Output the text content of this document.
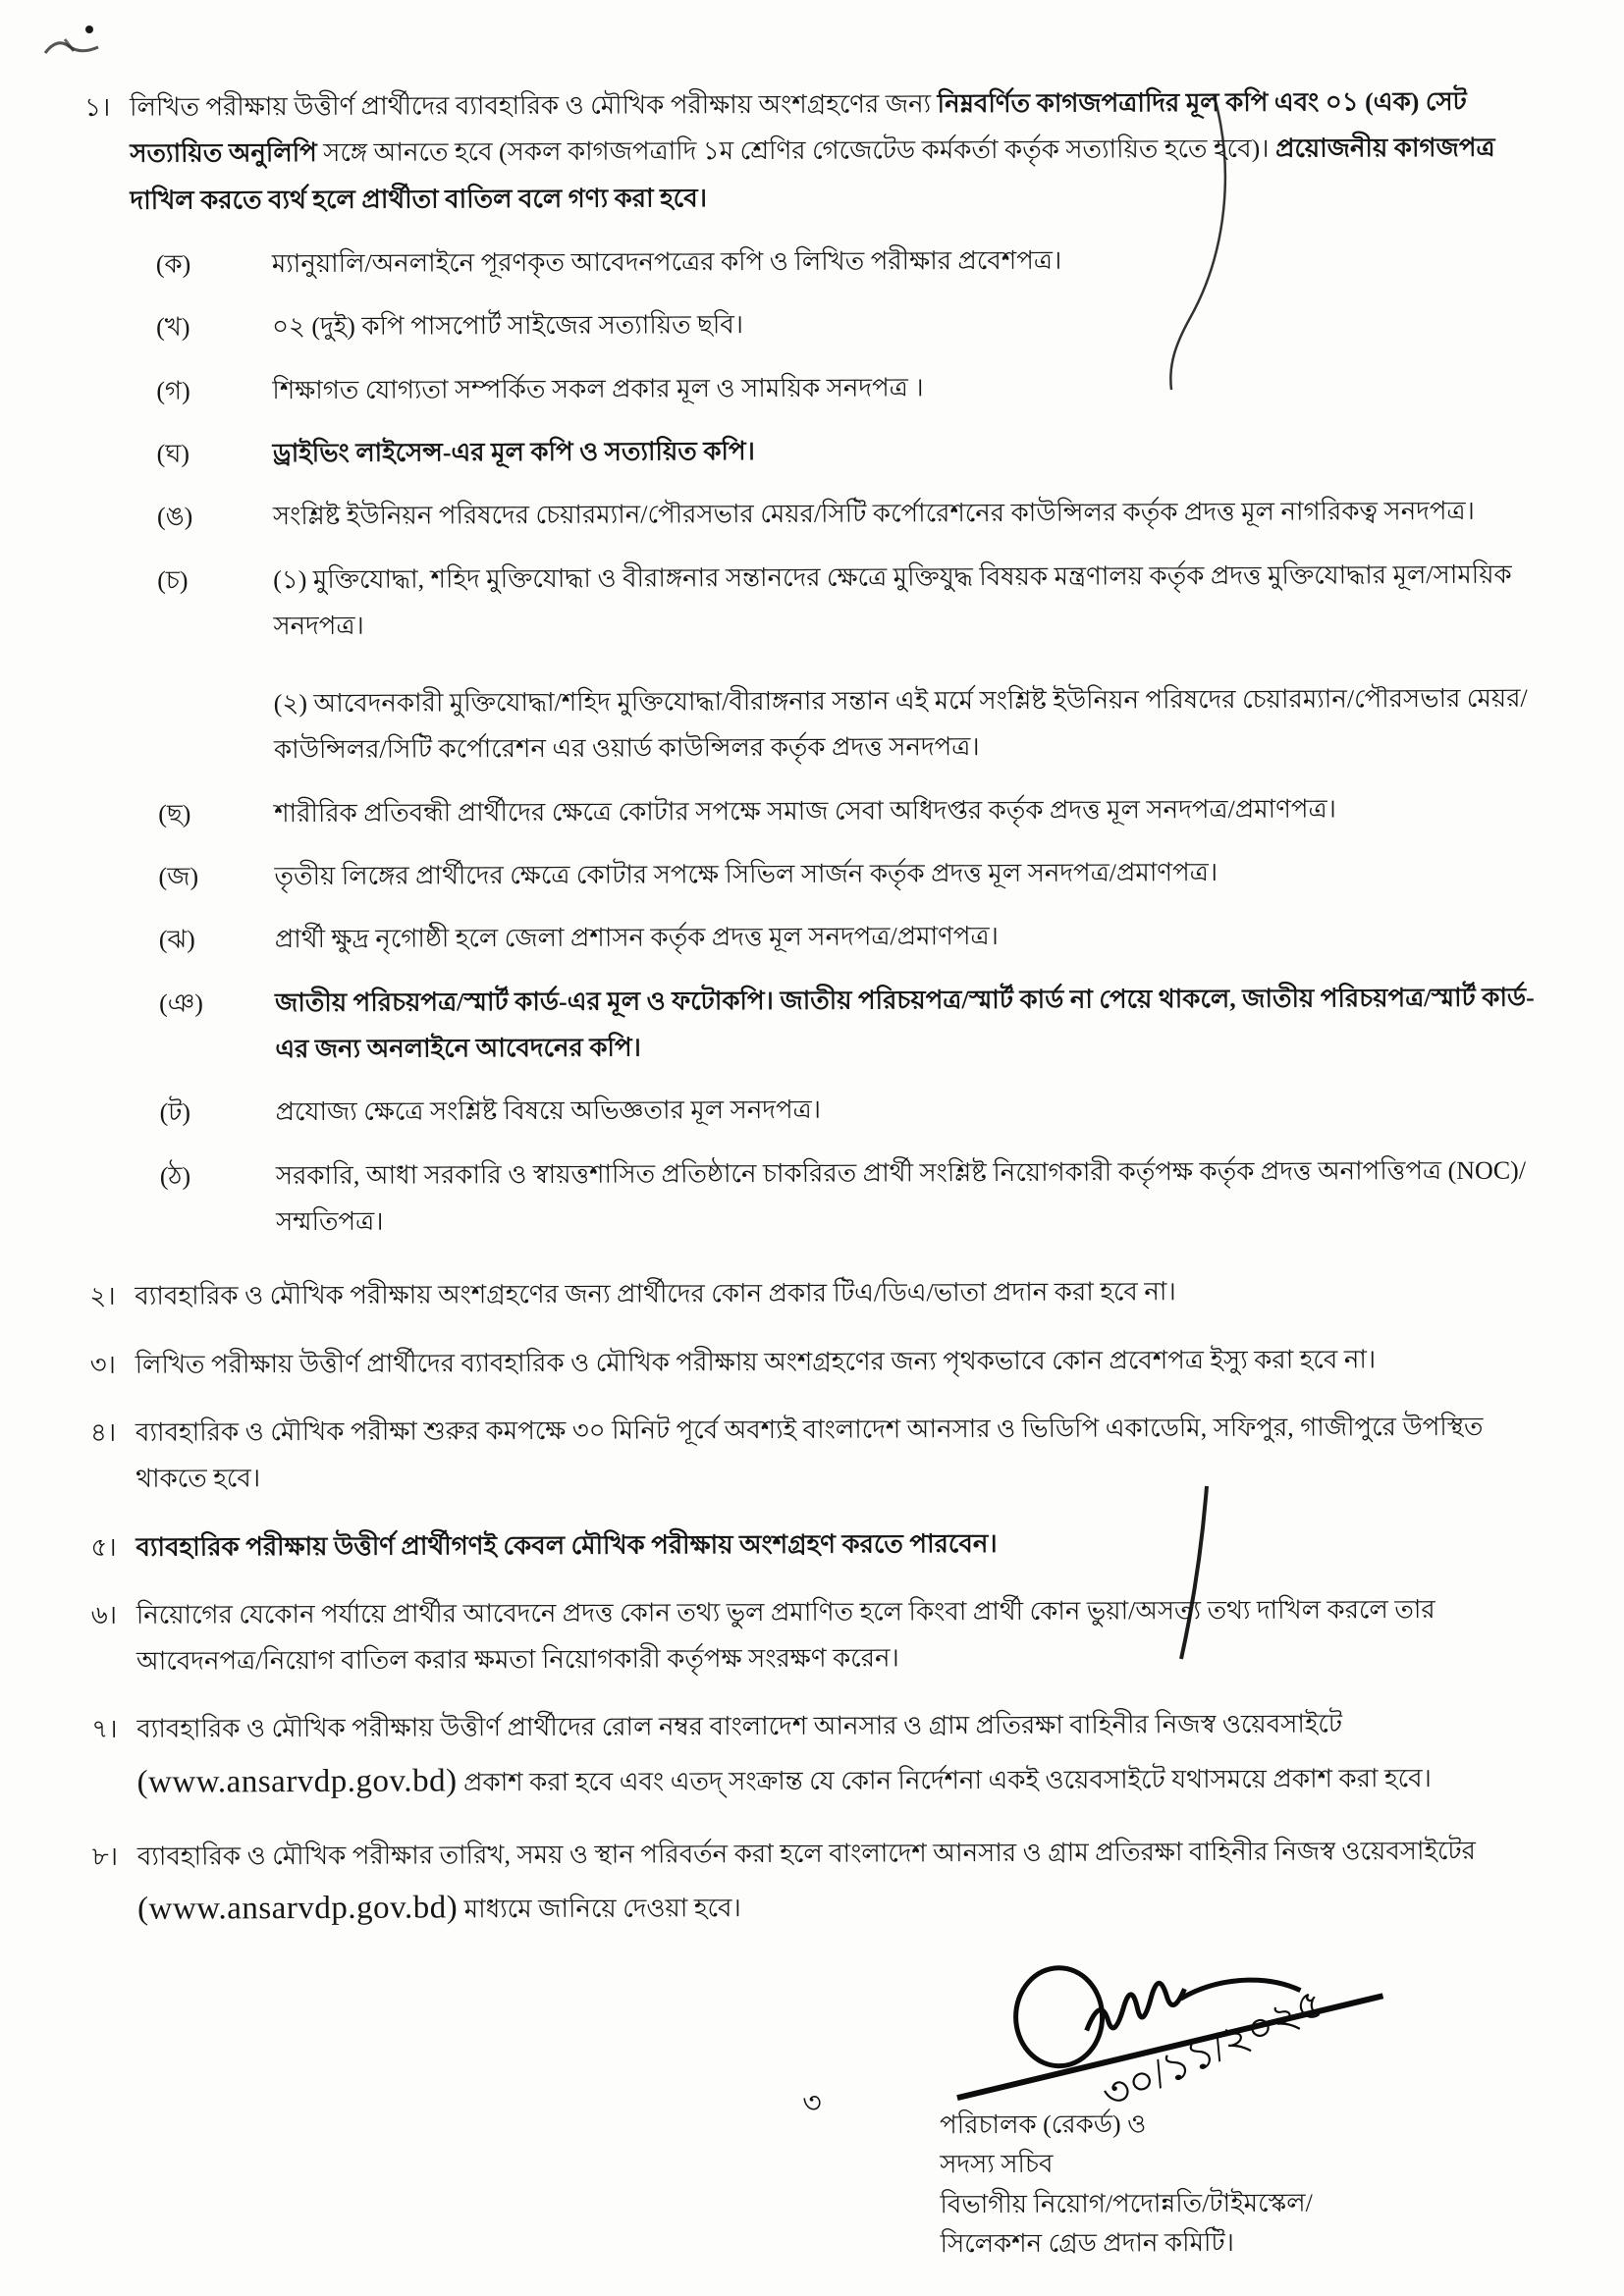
১। লিখিত পরীক্ষায় উত্তীর্ণ প্রার্থীদের ব্যাবহারিক ও মৌখিক পরীক্ষায় অংশগ্রহণের জন্য নিম্নবর্ণিত কাগজপত্রাদির মূল কপি এবং ০১ (এক) সেট সত্যায়িত অনুলিপি সঙ্গে আনতে হবে (সকল কাগজপত্রাদি ১ম শ্রেণির গেজেটেড কর্মকর্তা কর্তৃক সত্যায়িত হতে হবে)। প্রয়োজনীয় কাগজপত্র দাখিল করতে ব্যর্থ হলে প্রার্থীতা বাতিল বলে গণ্য করা হবে।
(ক)	ম্যানুয়ালি/অনলাইনে পূরণকৃত আবেদনপত্রের কপি ও লিখিত পরীক্ষার প্রবেশপত্র।
(খ)	০২ (দুই) কপি পাসপোর্ট সাইজের সত্যায়িত ছবি।
(গ)	শিক্ষাগত যোগ্যতা সম্পর্কিত সকল প্রকার মূল ও সাময়িক সনদপত্র ।
(ঘ)	ড্রাইভিং লাইসেন্স-এর মূল কপি ও সত্যায়িত কপি।
(ঙ)	সংশ্লিষ্ট ইউনিয়ন পরিষদের চেয়ারম্যান/পৌরসভার মেয়র/সিটি কর্পোরেশনের কাউন্সিলর কর্তৃক প্রদত্ত মূল নাগরিকত্ব সনদপত্র।
(চ)	(১) মুক্তিযোদ্ধা, শহিদ মুক্তিযোদ্ধা ও বীরাঙ্গনার সন্তানদের ক্ষেত্রে মুক্তিযুদ্ধ বিষয়ক মন্ত্রণালয় কর্তৃক প্রদত্ত মুক্তিযোদ্ধার মূল/সাময়িক সনদপত্র।
(২) আবেদনকারী মুক্তিযোদ্ধা/শহিদ মুক্তিযোদ্ধা/বীরাঙ্গনার সন্তান এই মর্মে সংশ্লিষ্ট ইউনিয়ন পরিষদের চেয়ারম্যান/পৌরসভার মেয়র/কাউন্সিলর/সিটি কর্পোরেশন এর ওয়ার্ড কাউন্সিলর কর্তৃক প্রদত্ত সনদপত্র।
(ছ)	শারীরিক প্রতিবন্ধী প্রার্থীদের ক্ষেত্রে কোটার সপক্ষে সমাজ সেবা অধিদপ্তর কর্তৃক প্রদত্ত মূল সনদপত্র/প্রমাণপত্র।
(জ)	তৃতীয় লিঙ্গের প্রার্থীদের ক্ষেত্রে কোটার সপক্ষে সিভিল সার্জন কর্তৃক প্রদত্ত মূল সনদপত্র/প্রমাণপত্র।
(ঝ)	প্রার্থী ক্ষুদ্র নৃগোষ্ঠী হলে জেলা প্রশাসন কর্তৃক প্রদত্ত মূল সনদপত্র/প্রমাণপত্র।
(ঞ)	জাতীয় পরিচয়পত্র/স্মার্ট কার্ড-এর মূল ও ফটোকপি। জাতীয় পরিচয়পত্র/স্মার্ট কার্ড না পেয়ে থাকলে, জাতীয় পরিচয়পত্র/স্মার্ট কার্ড-এর জন্য অনলাইনে আবেদনের কপি।
(ট)	প্রযোজ্য ক্ষেত্রে সংশ্লিষ্ট বিষয়ে অভিজ্ঞতার মূল সনদপত্র।
(ঠ)	সরকারি, আধা সরকারি ও স্বায়ত্তশাসিত প্রতিষ্ঠানে চাকরিরত প্রার্থী সংশ্লিষ্ট নিয়োগকারী কর্তৃপক্ষ কর্তৃক প্রদত্ত অনাপত্তিপত্র (NOC)/সম্মতিপত্র।
২। ব্যাবহারিক ও মৌখিক পরীক্ষায় অংশগ্রহণের জন্য প্রার্থীদের কোন প্রকার টিএ/ডিএ/ভাতা প্রদান করা হবে না।
৩। লিখিত পরীক্ষায় উত্তীর্ণ প্রার্থীদের ব্যাবহারিক ও মৌখিক পরীক্ষায় অংশগ্রহণের জন্য পৃথকভাবে কোন প্রবেশপত্র ইস্যু করা হবে না।
৪। ব্যাবহারিক ও মৌখিক পরীক্ষা শুরুর কমপক্ষে ৩০ মিনিট পূর্বে অবশ্যই বাংলাদেশ আনসার ও ভিডিপি একাডেমি, সফিপুর, গাজীপুরে উপস্থিত থাকতে হবে।
৫। ব্যাবহারিক পরীক্ষায় উত্তীর্ণ প্রার্থীগণই কেবল মৌখিক পরীক্ষায় অংশগ্রহণ করতে পারবেন।
৬। নিয়োগের যেকোন পর্যায়ে প্রার্থীর আবেদনে প্রদত্ত কোন তথ্য ভুল প্রমাণিত হলে কিংবা প্রার্থী কোন ভুয়া/অসত্য তথ্য দাখিল করলে তার আবেদনপত্র/নিয়োগ বাতিল করার ক্ষমতা নিয়োগকারী কর্তৃপক্ষ সংরক্ষণ করেন।
৭। ব্যাবহারিক ও মৌখিক পরীক্ষায় উত্তীর্ণ প্রার্থীদের রোল নম্বর বাংলাদেশ আনসার ও গ্রাম প্রতিরক্ষা বাহিনীর নিজস্ব ওয়েবসাইটে (www.ansarvdp.gov.bd) প্রকাশ করা হবে এবং এতদ্ সংক্রান্ত যে কোন নির্দেশনা একই ওয়েবসাইটে যথাসময়ে প্রকাশ করা হবে।
৮। ব্যাবহারিক ও মৌখিক পরীক্ষার তারিখ, সময় ও স্থান পরিবর্তন করা হলে বাংলাদেশ আনসার ও গ্রাম প্রতিরক্ষা বাহিনীর নিজস্ব ওয়েবসাইটের (www.ansarvdp.gov.bd) মাধ্যমে জানিয়ে দেওয়া হবে।
৩০/১১/২০২৫
পরিচালক (রেকর্ড) ও
সদস্য সচিব
বিভাগীয় নিয়োগ/পদোন্নতি/টাইমস্কেল/
সিলেকশন গ্রেড প্রদান কমিটি।
৩
